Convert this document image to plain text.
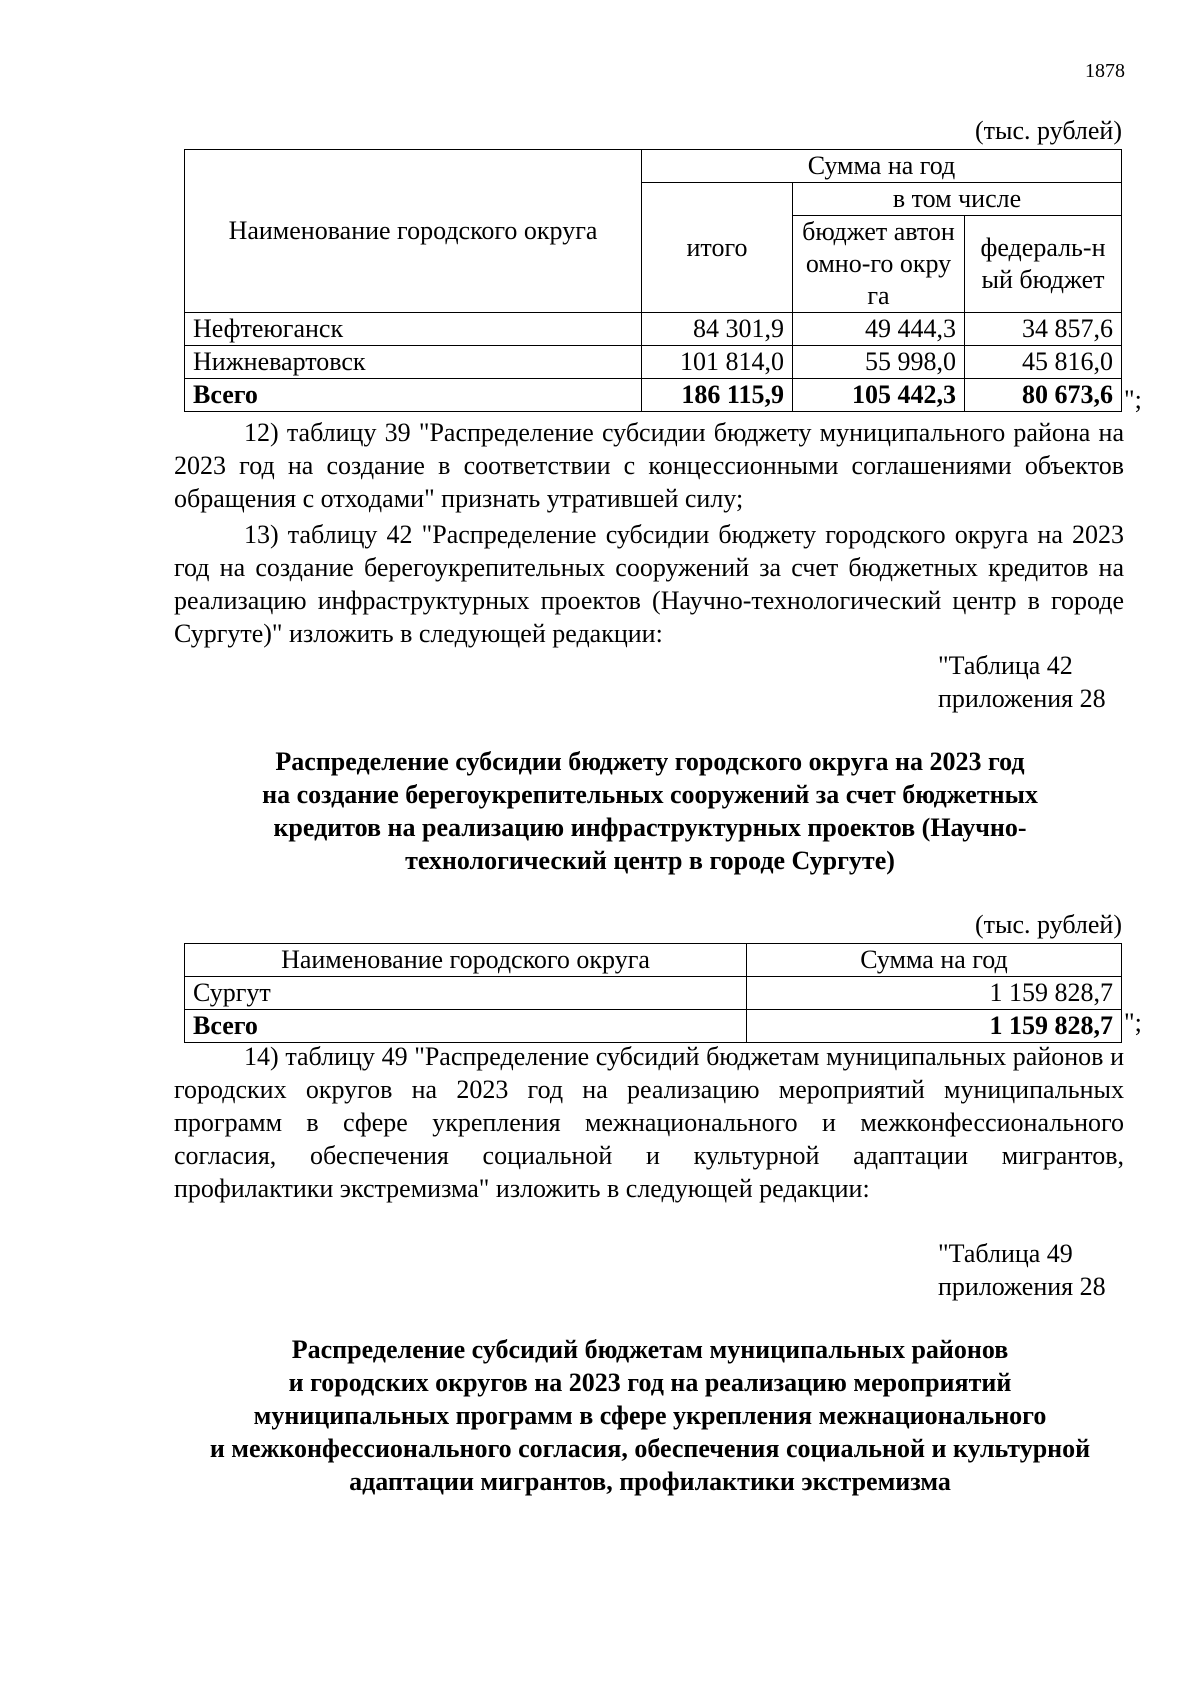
1878
(тыс. рублей)
Наименование городского округа	Сумма на год		
	итого	в том числе	
		бюджет автономно-го округа	федераль-ный бюджет
Нефтеюганск	84 301,9	49 444,3	34 857,6
Нижневартовск	101 814,0	55 998,0	45 816,0
Всего	186 115,9	105 442,3	80 673,6 ";
12) таблицу 39 "Распределение субсидии бюджету муниципального района на 2023 год на создание в соответствии с концессионными соглашениями объектов обращения с отходами" признать утратившей силу;
13) таблицу 42 "Распределение субсидии бюджету городского округа на 2023 год на создание берегоукрепительных сооружений за счет бюджетных кредитов на реализацию инфраструктурных проектов (Научно-технологический центр в городе Сургуте)" изложить в следующей редакции:
"Таблица 42
приложения 28
Распределение субсидии бюджету городского округа на 2023 год
на создание берегоукрепительных сооружений за счет бюджетных
кредитов на реализацию инфраструктурных проектов (Научно-
технологический центр в городе Сургуте)
(тыс. рублей)
Наименование городского округа	Сумма на год
Сургут	1 159 828,7
Всего	1 159 828,7 ";
14) таблицу 49 "Распределение субсидий бюджетам муниципальных районов и городских округов на 2023 год на реализацию мероприятий муниципальных программ в сфере укрепления межнационального и межконфессионального согласия, обеспечения социальной и культурной адаптации мигрантов, профилактики экстремизма" изложить в следующей редакции:
"Таблица 49
приложения 28
Распределение субсидий бюджетам муниципальных районов
и городских округов на 2023 год на реализацию мероприятий
муниципальных программ в сфере укрепления межнационального
и межконфессионального согласия, обеспечения социальной и культурной
адаптации мигрантов, профилактики экстремизма
